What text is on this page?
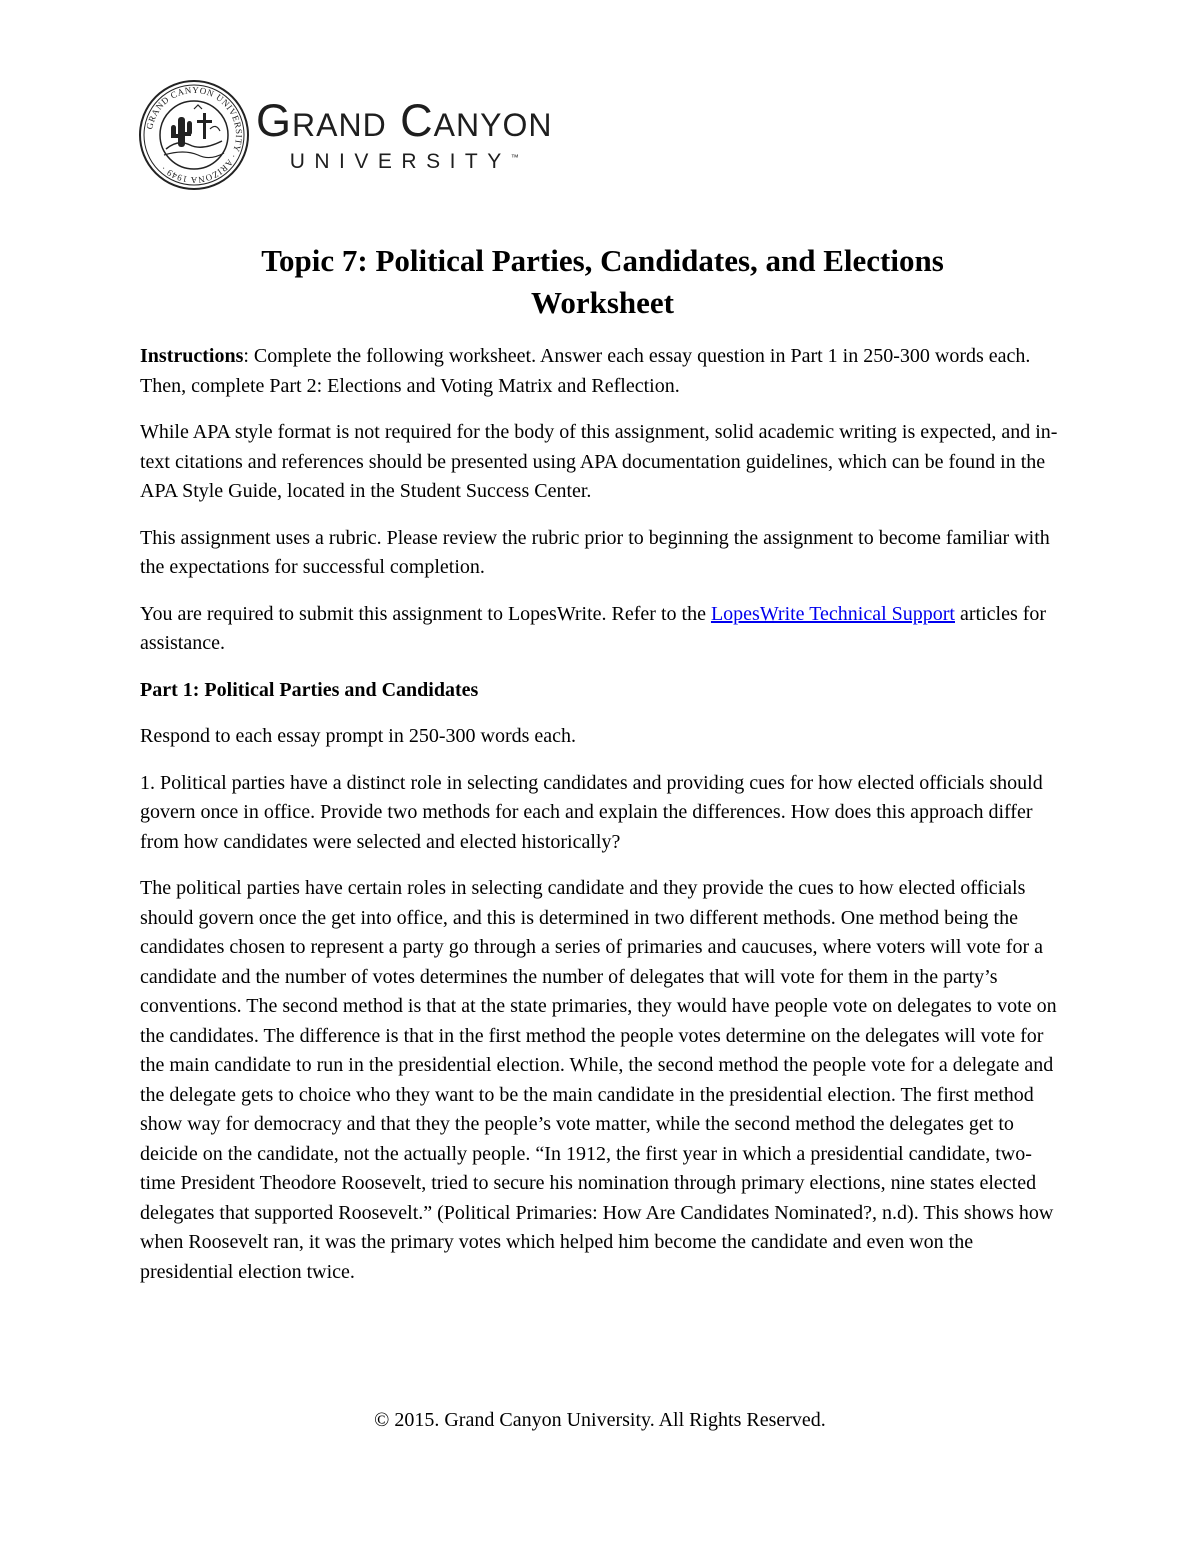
GRAND CANYON UNIVERSITY · ARIZONA 1949 ·
Grand Canyon
UNIVERSITY™
Topic 7: Political Parties, Candidates, and Elections
Worksheet

Instructions: Complete the following worksheet. Answer each essay question in Part 1 in 250-300 words each. Then, complete Part 2: Elections and Voting Matrix and Reflection.

While APA style format is not required for the body of this assignment, solid academic writing is expected, and in-text citations and references should be presented using APA documentation guidelines, which can be found in the APA Style Guide, located in the Student Success Center.

This assignment uses a rubric. Please review the rubric prior to beginning the assignment to become familiar with the expectations for successful completion.

You are required to submit this assignment to LopesWrite. Refer to the LopesWrite Technical Support articles for assistance.

Part 1: Political Parties and Candidates

Respond to each essay prompt in 250-300 words each.

1. Political parties have a distinct role in selecting candidates and providing cues for how elected officials should govern once in office. Provide two methods for each and explain the differences. How does this approach differ from how candidates were selected and elected historically?

The political parties have certain roles in selecting candidate and they provide the cues to how elected officials should govern once the get into office, and this is determined in two different methods. One method being the candidates chosen to represent a party go through a series of primaries and caucuses, where voters will vote for a candidate and the number of votes determines the number of delegates that will vote for them in the party’s conventions. The second method is that at the state primaries, they would have people vote on delegates to vote on the candidates. The difference is that in the first method the people votes determine on the delegates will vote for the main candidate to run in the presidential election. While, the second method the people vote for a delegate and the delegate gets to choice who they want to be the main candidate in the presidential election. The first method show way for democracy and that they the people’s vote matter, while the second method the delegates get to deicide on the candidate, not the actually people. “In 1912, the first year in which a presidential candidate, two-time President Theodore Roosevelt, tried to secure his nomination through primary elections, nine states elected delegates that supported Roosevelt.” (Political Primaries: How Are Candidates Nominated?, n.d). This shows how when Roosevelt ran, it was the primary votes which helped him become the candidate and even won the presidential election twice.

© 2015. Grand Canyon University. All Rights Reserved.
